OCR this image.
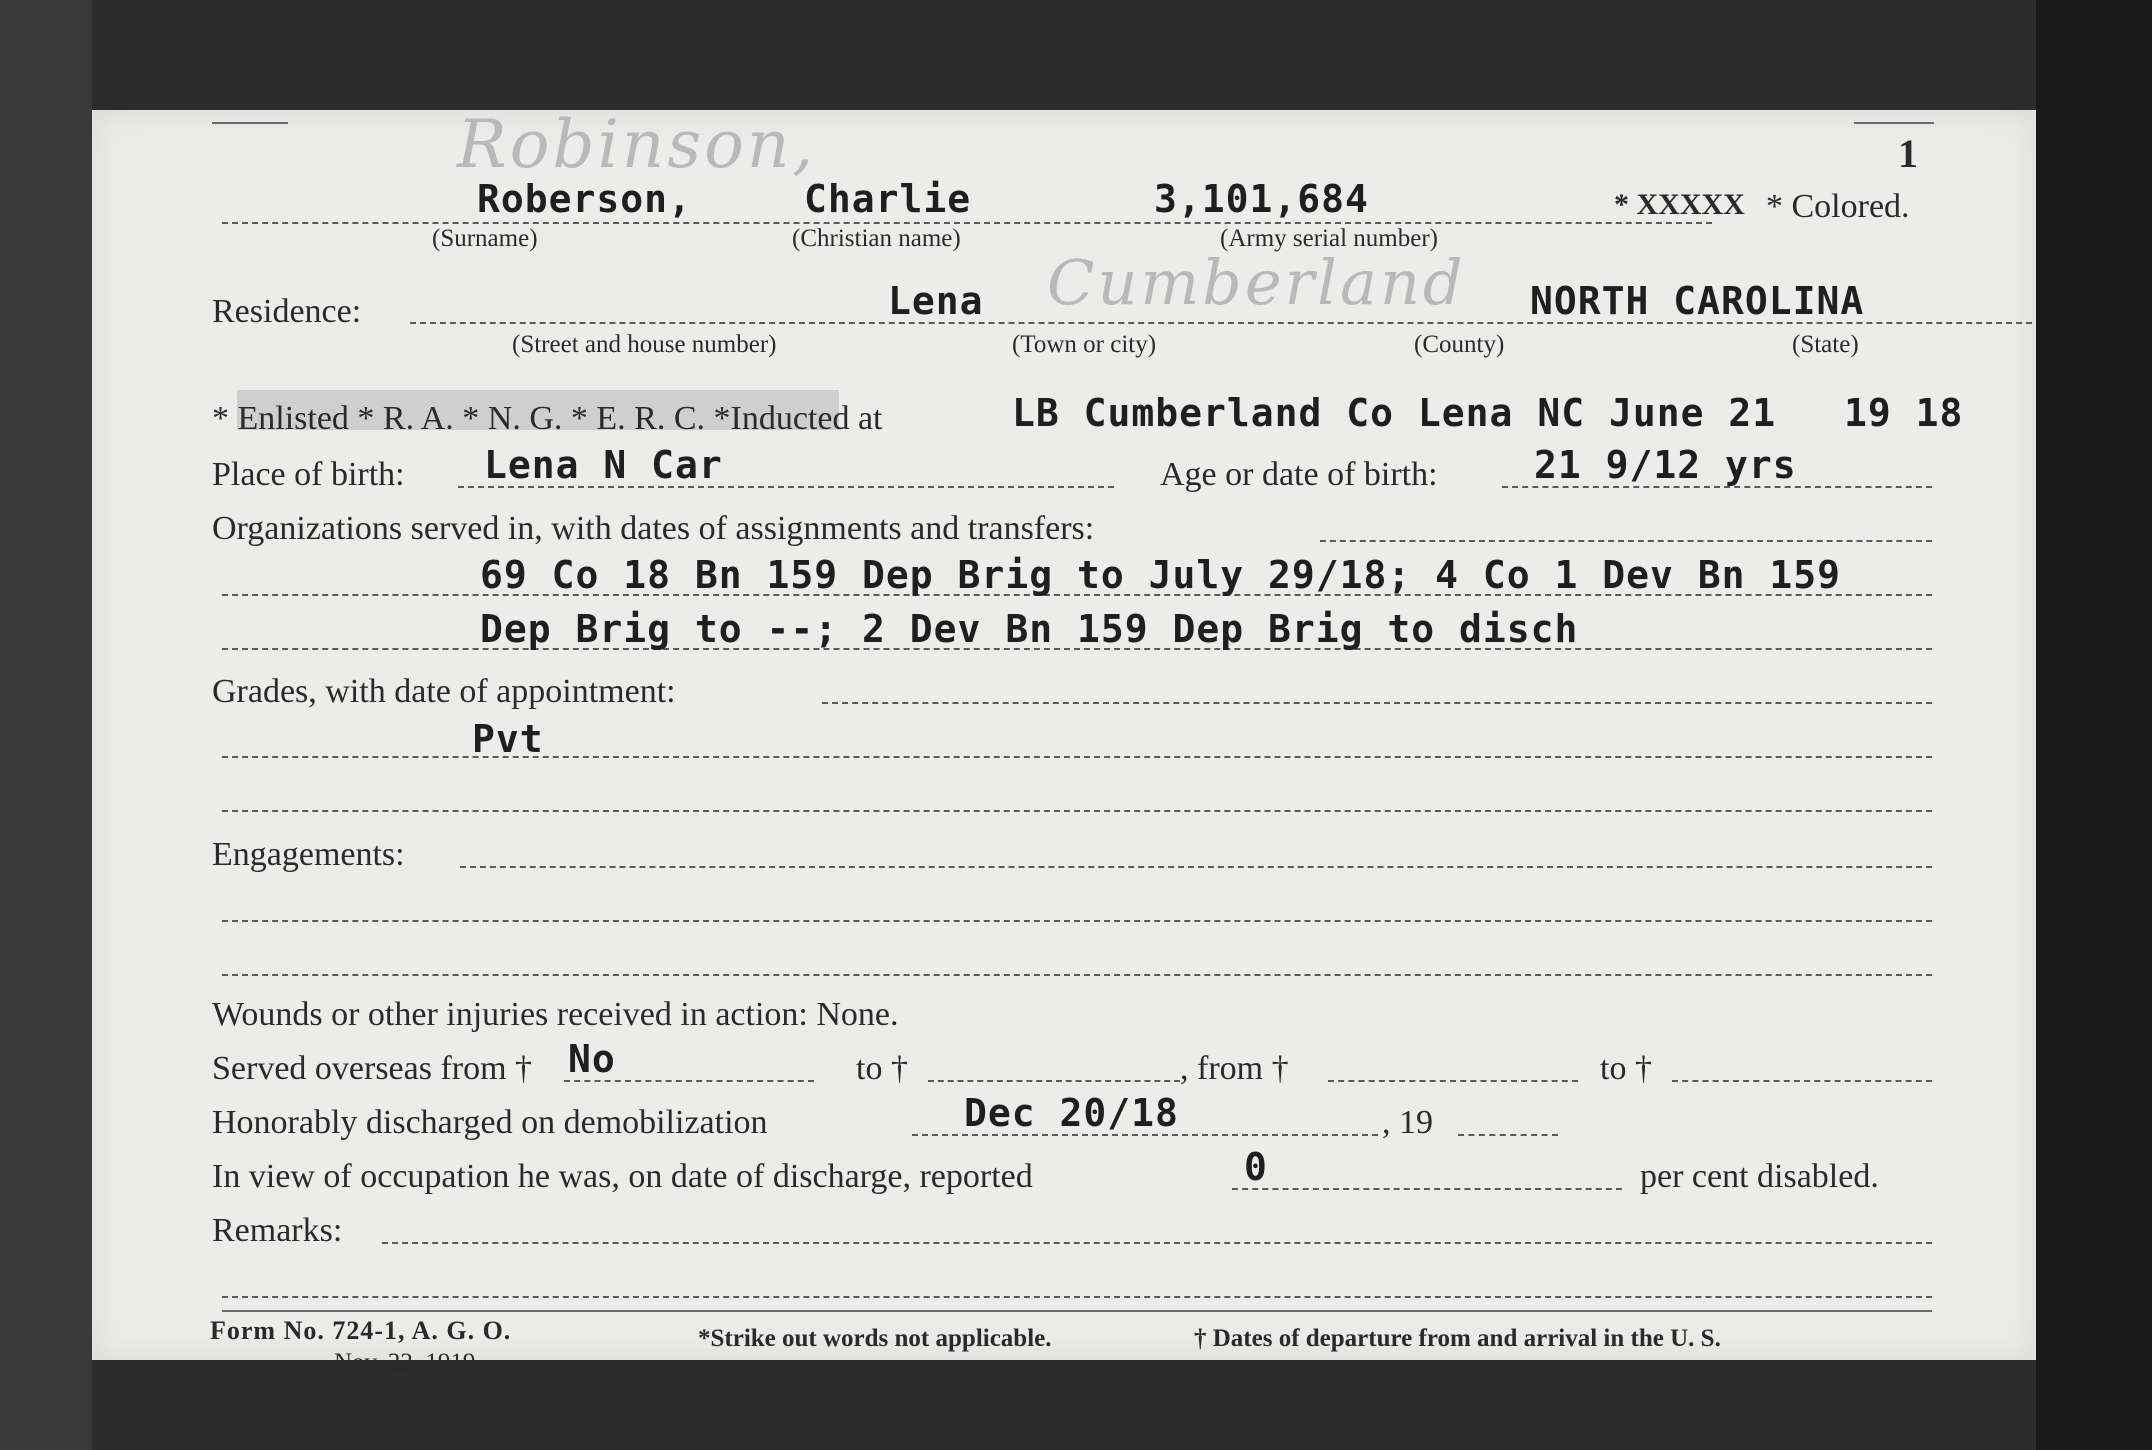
1
Robinson,
Roberson,	Charlie	3,101,684	* XXXXX * Colored.
(Surname)	(Christian name)	(Army serial number)
Residence:	Lena Cumberland NORTH CAROLINA
(Street and house number)	(Town or city)	(County)	(State)
* Enlisted * R. A. * N. G. * E. R. C. *Inducted at	LB Cumberland Co Lena NC June 21 19 18
Place of birth: Lena N Car	Age or date of birth:	21 9/12 yrs
Organizations served in, with dates of assignments and transfers:
69 Co 18 Bn 159 Dep Brig to July 29/18; 4 Co 1 Dev Bn 159
Dep Brig to --; 2 Dev Bn 159 Dep Brig to disch
Grades, with date of appointment:
Pvt
Engagements:
Wounds or other injuries received in action: None.
Served overseas from † No	to †	, from †	to †
Honorably discharged on demobilization	Dec 20/18	, 19
In view of occupation he was, on date of discharge, reported	0	per cent disabled.
Remarks:
Form No. 724-1, A. G. O.
Nov. 22, 1919.
*Strike out words not applicable.	† Dates of departure from and arrival in the U. S.
3—7362
